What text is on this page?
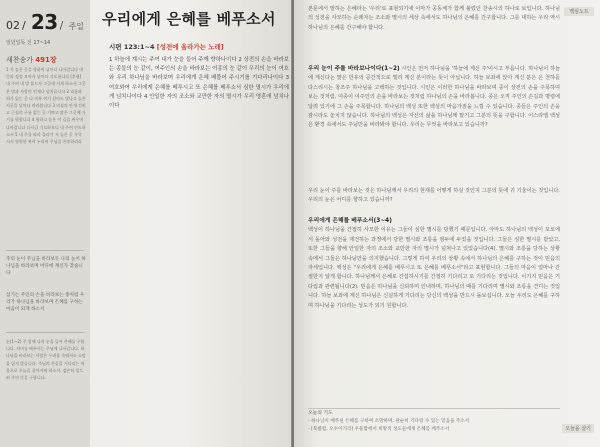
02 / 23 / 주일
일년일독 신 17~14
새찬송가 491장
1 저 높은 곳을 향하여 날마다 나아갑니다 내 뜻과 정성 모아서 날마다 기도합니다 [후렴] 내 주여 내 발 붙드사 그곳에 서게 하소서 그곳은 빛과 사랑이 언제나 넘치옵니다 2 괴롬과 죄가 있는 곳 나 비록 여기 살아도 빛나고 높은 저곳을 날마다 바라봅니다 3 의심의 안개 걷히고 근심의 구름 없는 곳 기쁘고 밝은 그곳에 가기를 원합니다 4 험하고 높은 이 길을 싸우며 나아갑니다 다시금 기도하오니 내 주여 인도하소서 5 내 주를 따라 올라가 저 높은 곳 우뚝 서서 영원한 복락 누리며 주님을 찬송하리라
주의 눈이 주님을 바라보듯 나의 눈이 하나님을 바라보며 어디에 계신가 찾습니다
섬기는 주인의 손을 바라보는 종처럼 우리가 하나님을 바라보며 은혜를 구하는 마음이 되게 하소서
눈(1~2) 주 앞에 나의 눈을 들어 은혜를 구합니다. 자비를 베푸시는 주님께 나아갑니다. 하나님을 바라보는 사람은 두려움 속에서도 소망을 잃지 않습니다. 주님의 손길을 기다리는 마음으로 오늘을 살아가게 하소서. 겸손히 엎드려 주의 뜻을 구합니다.
우리에게 은혜를 베푸소서
시편 123:1~4 [성전에 올라가는 노래]
1 하늘에 계시는 주여 내가 눈을 들어 주께 향하나이다 2 상전의 손을 바라보는 종들의 눈 같이, 여주인의 손을 바라보는 여종의 눈 같이 우리의 눈이 여호와 우리 하나님을 바라보며 우리에게 은혜 베풀어 주시기를 기다리나이다 3 여호와여 우리에게 은혜를 베푸시고 또 은혜를 베푸소서 심한 멸시가 우리에게 넘치나이다 4 안일한 자의 조소와 교만한 자의 멸시가 우리 영혼에 넘치나이다
핵심노트
본문에서 말하는 은혜라는 '우리'로 표현되기에 이마가 공동체가 함께 불렀던 찬송시의 하나로 보입니다. 하나님의 성전을 사모하는 순례자는 조소와 멸시의 세상 속에서도 하나님의 은혜를 간구합니다. 그를 대하는 우리 역시 하나님의 은혜를 간구해야 합니다.
우리 눈이 주를 바라보나이다(1~2) 시인은 먼저 하나님을 '하늘에 계신 주'이시고 부릅니다. 하나님이 하늘에 계신다는 말은 만유의 공간적으로 멀리 계신 분이라는 뜻이 아닙니다. 하늘 보좌에 앉아 계신 분은 온 천하를 다스리시는 창조주 하나님을 고백하는 것입니다. 시인은 이러한 하나님을 바라보며 종이 상전의 손을 주목하며 보는 것처럼, 여종이 여주인의 손을 바라보는 것처럼 하나님의 손을 바라봅니다. 종은 오직 주인의 손길과 명령에 달려 있기에 그 손을 주목합니다. 하나님의 백성 또한 백성의 마음가짐을 느낄 수 있습니다. 종들은 주인의 손을 잠시라도 놓치지 않습니다. 하나님의 백성은 자신의 삶을 하나님께 맡기고 그분의 뜻을 구합니다. 이스라엘 백성은 환경 속에서도 주님만을 바라봐야 합니다. 우리는 무엇을 바라보고 있습니까?
우리 눈이 주를 바라보는 것은 하나님께서 우리의 현재를 어떻게 하실 것인지 그분의 뜻에 귀 기울이는 것입니다. 우리의 눈은 어디를 향하고 있습니까?
우리에게 은혜를 베푸소서(3~4)
백성이 하나님을 간절히 사모한 이유는 그들이 심한 멸시를 당했기 때문입니다. 아마도 하나님의 백성이 포로에서 돌아와 성전을 재건하는 과정에서 당한 멸시와 조롱을 염두에 두었을 것입니다. 그들은 심한 멸시를 받았고, 또한 그들을 향해 안일한 자의 조소와 교만한 자의 멸시가 넘쳐나고 있었습니다(4). 멸시와 조롱을 당하는 상황 속에서 그들은 하나님만을 의지했습니다. 그렇게 하여 우리의 상황 속에서 하나님의 은혜를 구하는 것이 믿음의 자세입니다. 백성은 "우리에게 은혜를 베푸시고 또 은혜를 베푸소서"라고 표현합니다. 그들의 마음이 얼마나 간절한지 알게 합니다. 하나님께서 은혜로 간섭하시기를 간절히 기다리고 또 기다리는 것입니다. 이기지 믿음은 기다림과 관련됩니다(2). 믿음은 하나님을 신뢰하며 인내하며, 하나님의 때를 기다리며 멸시와 조롱을 견디는 것입니다. 하늘 보좌에 계신 하나님은 신실하게 기다리는 당신의 백성을 반드시 돌보십니다. 오늘 우리도 은혜를 구하며 하나님을 기다리는 성도가 되기 원합니다.
오늘의 기도
- 하나님이 베푸실 은혜를 구하며 소망하며, 관순히 기다릴 수 있는 믿음을 주소서
- [북클럽, 오수이기리] 우울함에서 희망적 성도들에게 은혜를 베푸소서	오늘을 살기
